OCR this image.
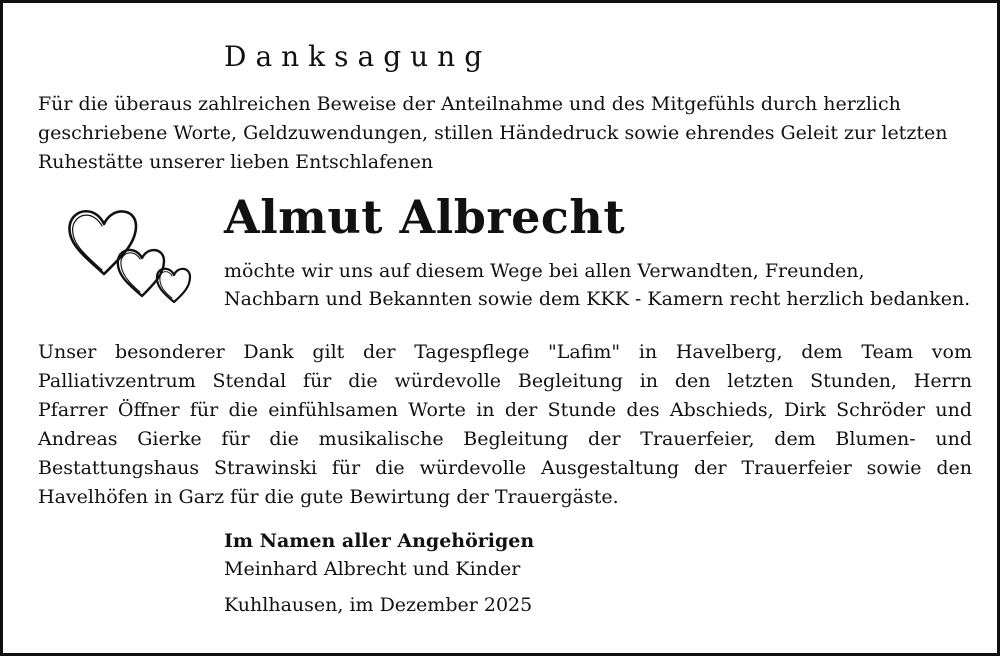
Danksagung
Für die überaus zahlreichen Beweise der Anteilnahme und des Mitgefühls durch herzlich
geschriebene Worte, Geldzuwendungen, stillen Händedruck sowie ehrendes Geleit zur letzten
Ruhestätte unserer lieben Entschlafenen
Almut Albrecht
möchte wir uns auf diesem Wege bei allen Verwandten, Freunden,
Nachbarn und Bekannten sowie dem KKK - Kamern recht herzlich bedanken.
Unser besonderer Dank gilt der Tagespflege "Lafim" in Havelberg, dem Team vom
Palliativzentrum Stendal für die würdevolle Begleitung in den letzten Stunden, Herrn
Pfarrer Öffner für die einfühlsamen Worte in der Stunde des Abschieds, Dirk Schröder und
Andreas Gierke für die musikalische Begleitung der Trauerfeier, dem Blumen- und
Bestattungshaus Strawinski für die würdevolle Ausgestaltung der Trauerfeier sowie den
Havelhöfen in Garz für die gute Bewirtung der Trauergäste.
Im Namen aller Angehörigen
Meinhard Albrecht und Kinder
Kuhlhausen, im Dezember 2025
